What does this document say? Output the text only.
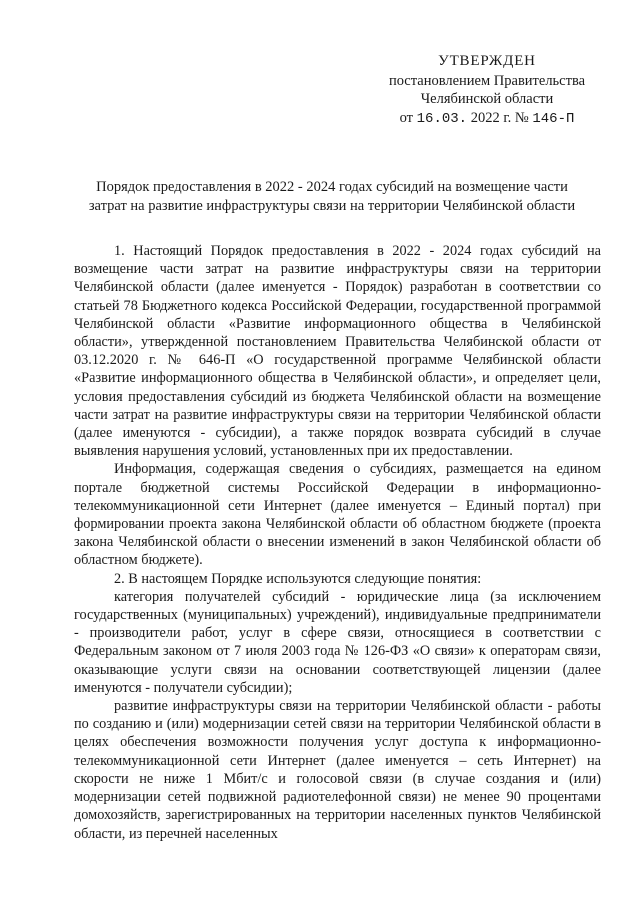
УТВЕРЖДЕН
постановлением Правительства
Челябинской области
от 16.03. 2022 г. № 146-П
Порядок предоставления в 2022 - 2024 годах субсидий на возмещение части
затрат на развитие инфраструктуры связи на территории Челябинской области

1. Настоящий Порядок предоставления в 2022 - 2024 годах субсидий на возмещение части затрат на развитие инфраструктуры связи на территории Челябинской области (далее именуется - Порядок) разработан в соответствии со статьей 78 Бюджетного кодекса Российской Федерации, государственной программой Челябинской области «Развитие информационного общества в Челябинской области», утвержденной постановлением Правительства Челябинской области от 03.12.2020 г. № 646-П «О государственной программе Челябинской области «Развитие информационного общества в Челябинской области», и определяет цели, условия предоставления субсидий из бюджета Челябинской области на возмещение части затрат на развитие инфраструктуры связи на территории Челябинской области (далее именуются - субсидии), а также порядок возврата субсидий в случае выявления нарушения условий, установленных при их предоставлении.

Информация, содержащая сведения о субсидиях, размещается на едином портале бюджетной системы Российской Федерации в информационно-телекоммуникационной сети Интернет (далее именуется – Единый портал) при формировании проекта закона Челябинской области об областном бюджете (проекта закона Челябинской области о внесении изменений в закон Челябинской области об областном бюджете).

2. В настоящем Порядке используются следующие понятия:

категория получателей субсидий - юридические лица (за исключением государственных (муниципальных) учреждений), индивидуальные предприниматели - производители работ, услуг в сфере связи, относящиеся в соответствии с Федеральным законом от 7 июля 2003 года № 126-ФЗ «О связи» к операторам связи, оказывающие услуги связи на основании соответствующей лицензии (далее именуются - получатели субсидии);

развитие инфраструктуры связи на территории Челябинской области - работы по созданию и (или) модернизации сетей связи на территории Челябинской области в целях обеспечения возможности получения услуг доступа к информационно-телекоммуникационной сети Интернет (далее именуется – сеть Интернет) на скорости не ниже 1 Мбит/с и голосовой связи (в случае создания и (или) модернизации сетей подвижной радиотелефонной связи) не менее 90 процентами домохозяйств, зарегистрированных на территории населенных пунктов Челябинской области, из перечней населенных
